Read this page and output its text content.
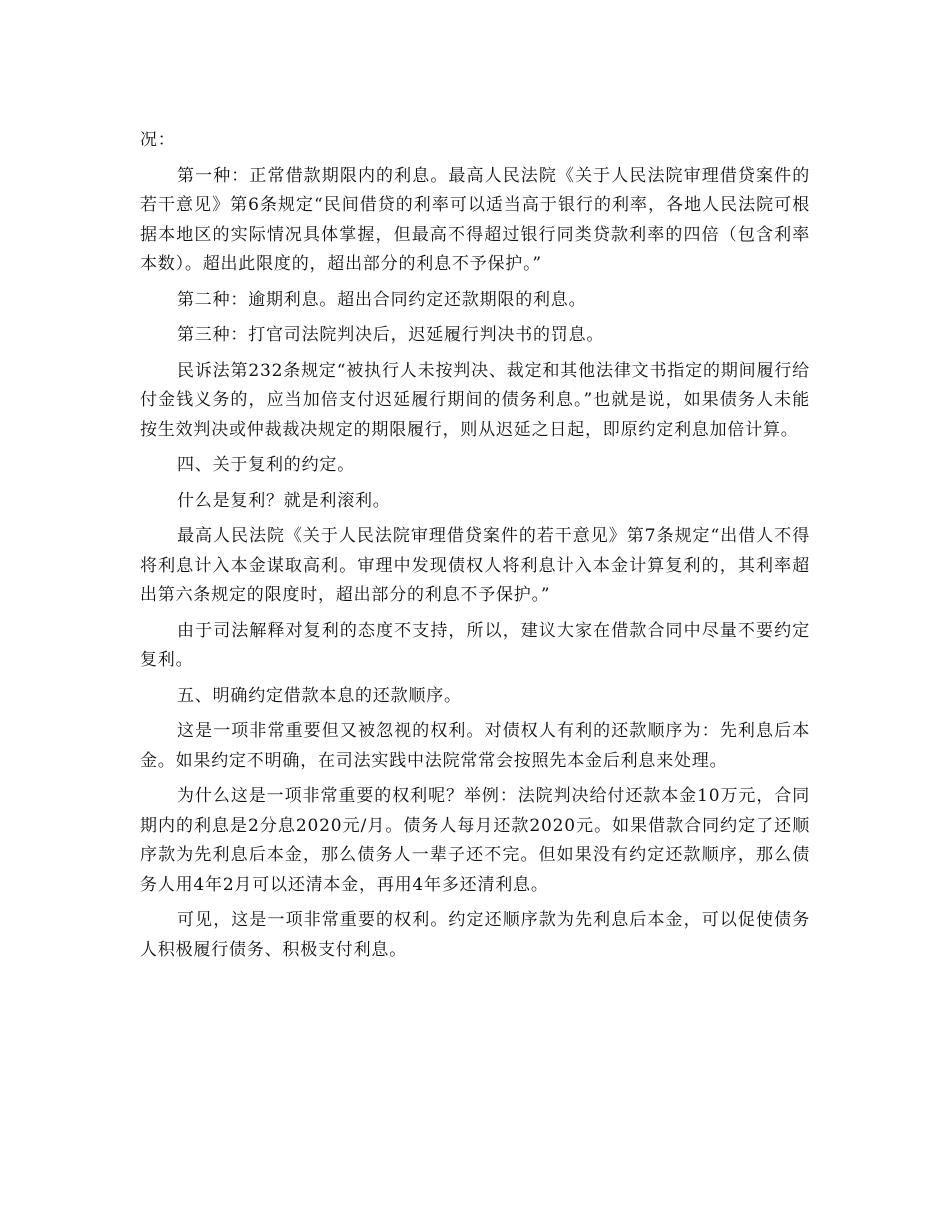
况：

第一种：正常借款期限内的利息。最高人民法院《关于人民法院审理借贷案件的若干意见》第6条规定“民间借贷的利率可以适当高于银行的利率，各地人民法院可根据本地区的实际情况具体掌握，但最高不得超过银行同类贷款利率的四倍（包含利率本数）。超出此限度的，超出部分的利息不予保护。”

第二种：逾期利息。超出合同约定还款期限的利息。

第三种：打官司法院判决后，迟延履行判决书的罚息。

民诉法第232条规定“被执行人未按判决、裁定和其他法律文书指定的期间履行给付金钱义务的，应当加倍支付迟延履行期间的债务利息。”也就是说，如果债务人未能按生效判决或仲裁裁决规定的期限履行，则从迟延之日起，即原约定利息加倍计算。

四、关于复利的约定。

什么是复利？就是利滚利。

最高人民法院《关于人民法院审理借贷案件的若干意见》第7条规定“出借人不得将利息计入本金谋取高利。审理中发现债权人将利息计入本金计算复利的，其利率超出第六条规定的限度时，超出部分的利息不予保护。”

由于司法解释对复利的态度不支持，所以，建议大家在借款合同中尽量不要约定复利。

五、明确约定借款本息的还款顺序。

这是一项非常重要但又被忽视的权利。对债权人有利的还款顺序为：先利息后本金。如果约定不明确，在司法实践中法院常常会按照先本金后利息来处理。

为什么这是一项非常重要的权利呢？举例：法院判决给付还款本金10万元，合同期内的利息是2分息2020元/月。债务人每月还款2020元。如果借款合同约定了还顺序款为先利息后本金，那么债务人一辈子还不完。但如果没有约定还款顺序，那么债务人用4年2月可以还清本金，再用4年多还清利息。

可见，这是一项非常重要的权利。约定还顺序款为先利息后本金，可以促使债务人积极履行债务、积极支付利息。
